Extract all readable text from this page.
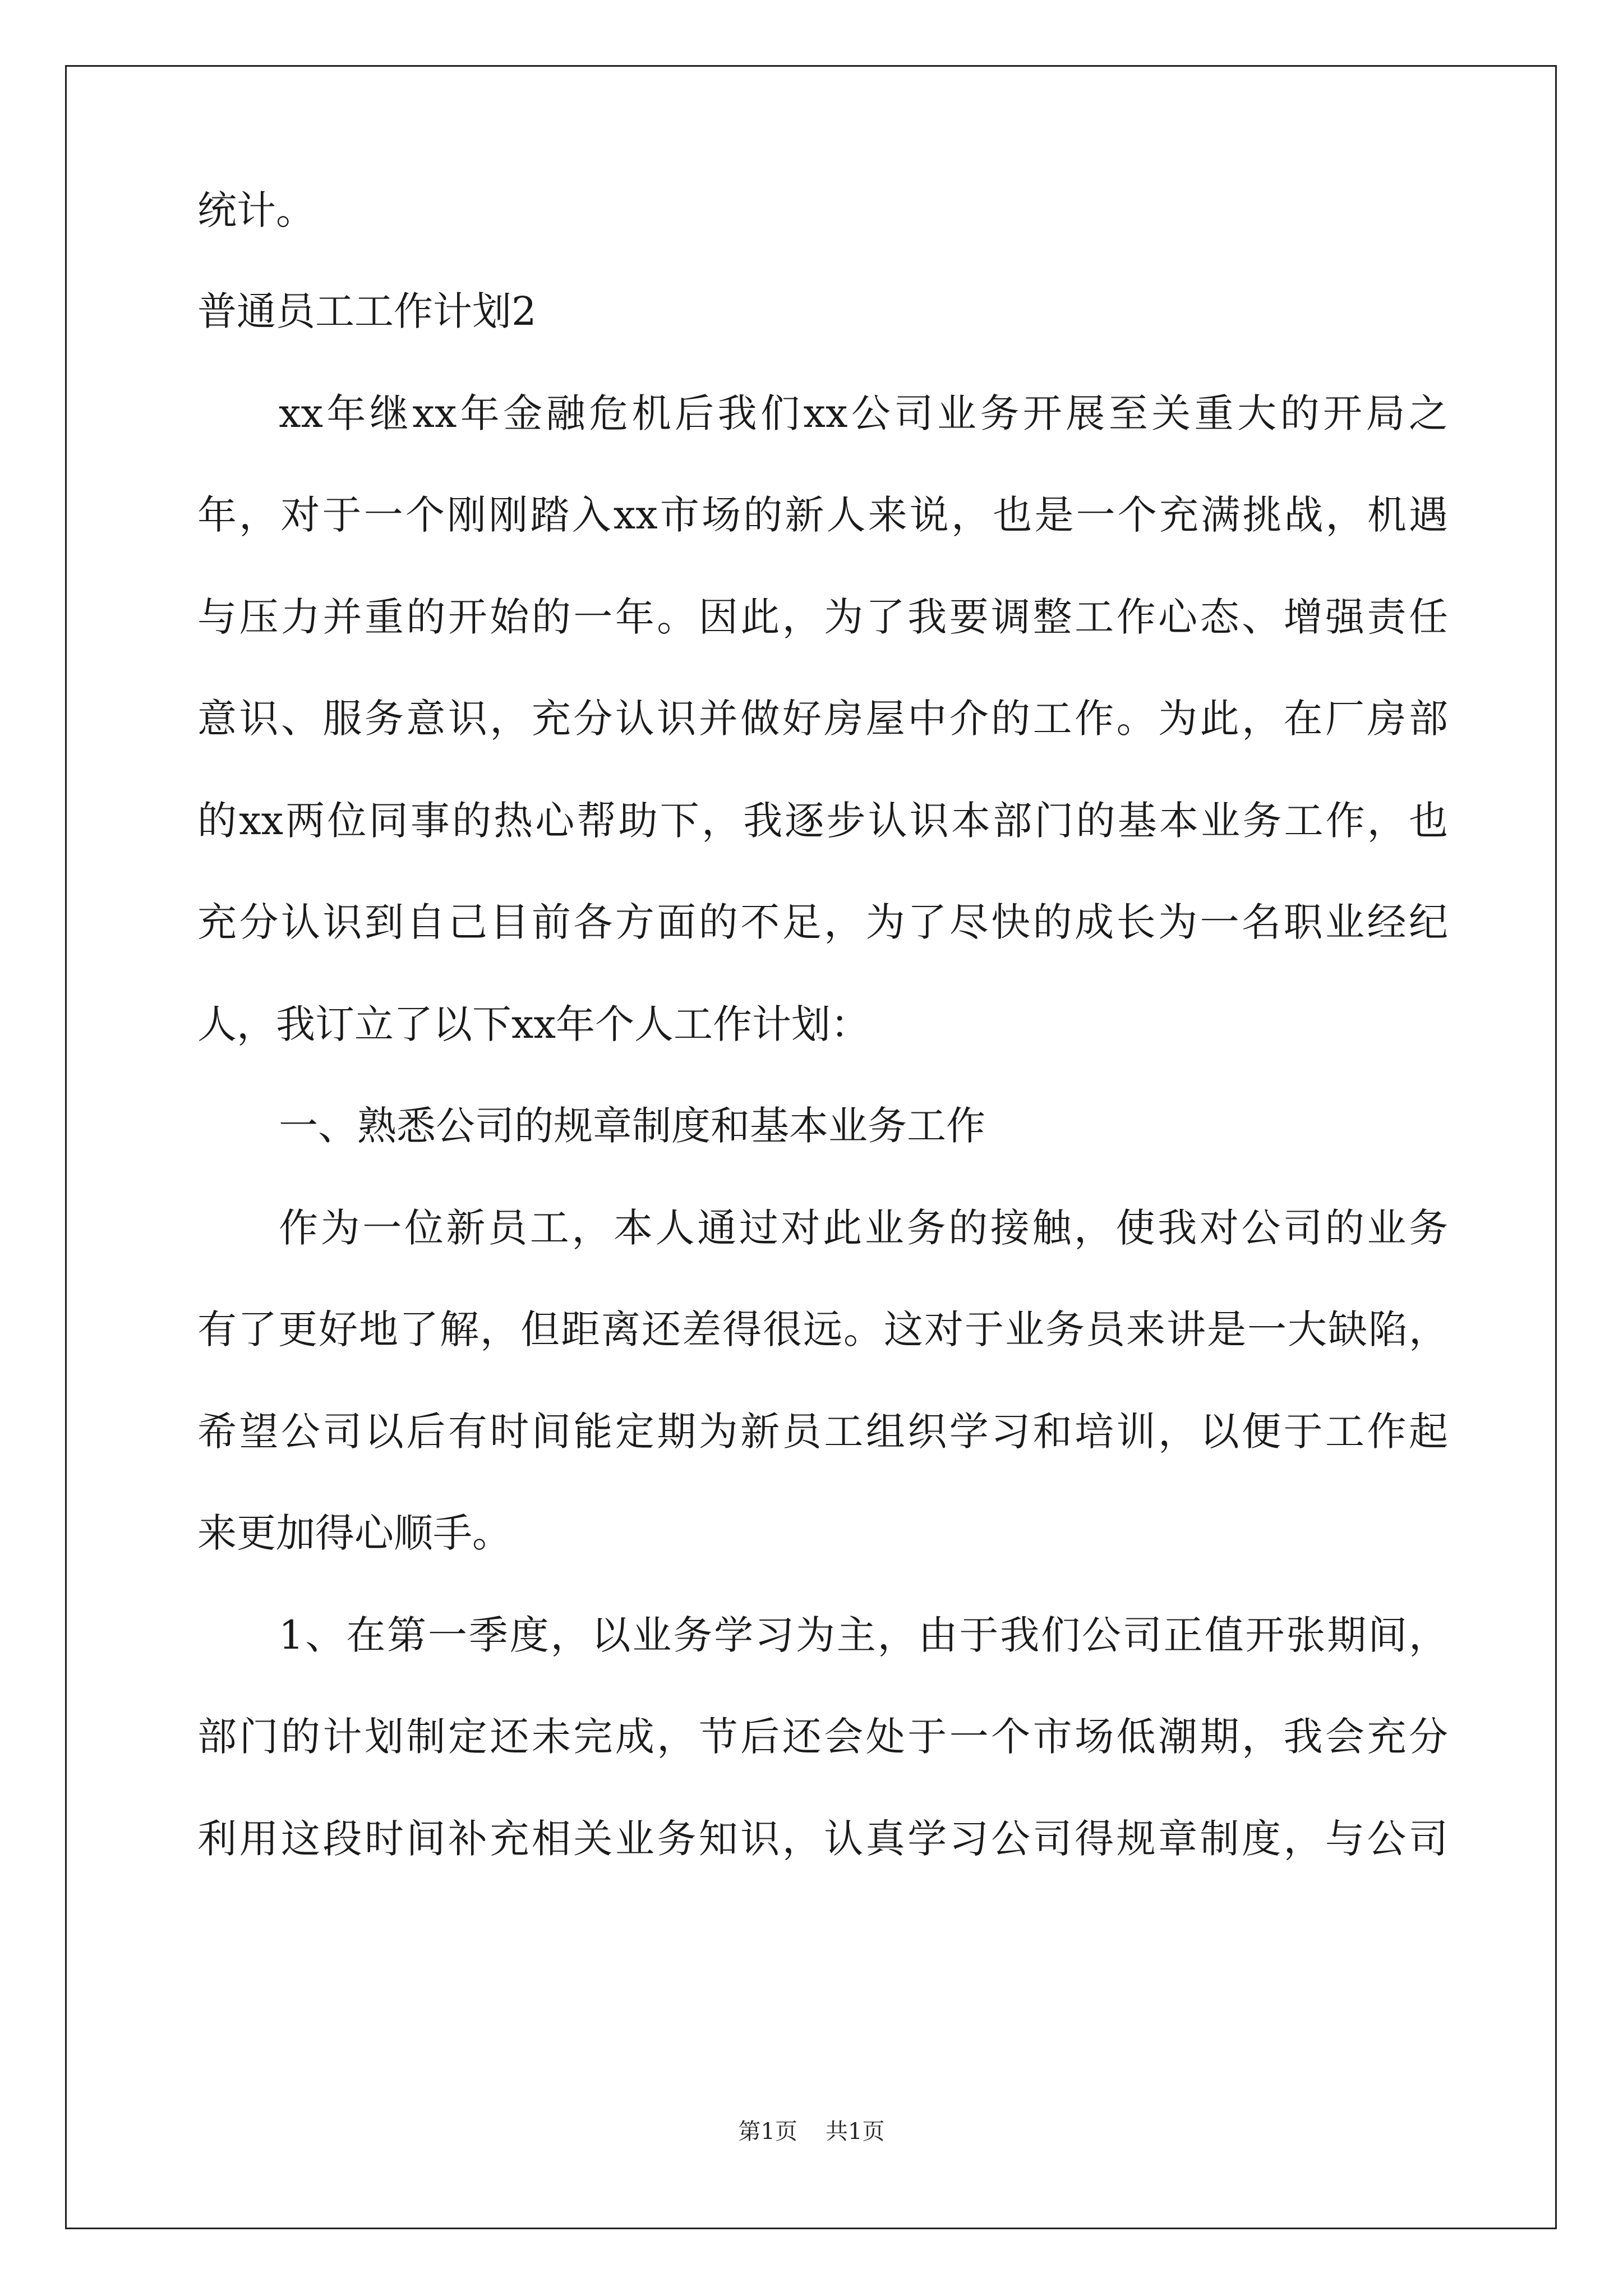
统计。
普通员工工作计划2
xx年继xx年金融危机后我们xx公司业务开展至关重大的开局之
年，对于一个刚刚踏入xx市场的新人来说，也是一个充满挑战，机遇
与压力并重的开始的一年。因此，为了我要调整工作心态、增强责任
意识、服务意识，充分认识并做好房屋中介的工作。为此，在厂房部
的xx两位同事的热心帮助下，我逐步认识本部门的基本业务工作，也
充分认识到自己目前各方面的不足，为了尽快的成长为一名职业经纪
人，我订立了以下xx年个人工作计划：
一、熟悉公司的规章制度和基本业务工作
作为一位新员工，本人通过对此业务的接触，使我对公司的业务
有了更好地了解，但距离还差得很远。这对于业务员来讲是一大缺陷，
希望公司以后有时间能定期为新员工组织学习和培训，以便于工作起
来更加得心顺手。
1、在第一季度，以业务学习为主，由于我们公司正值开张期间，
部门的计划制定还未完成，节后还会处于一个市场低潮期，我会充分
利用这段时间补充相关业务知识，认真学习公司得规章制度，与公司
第1页 共1页
